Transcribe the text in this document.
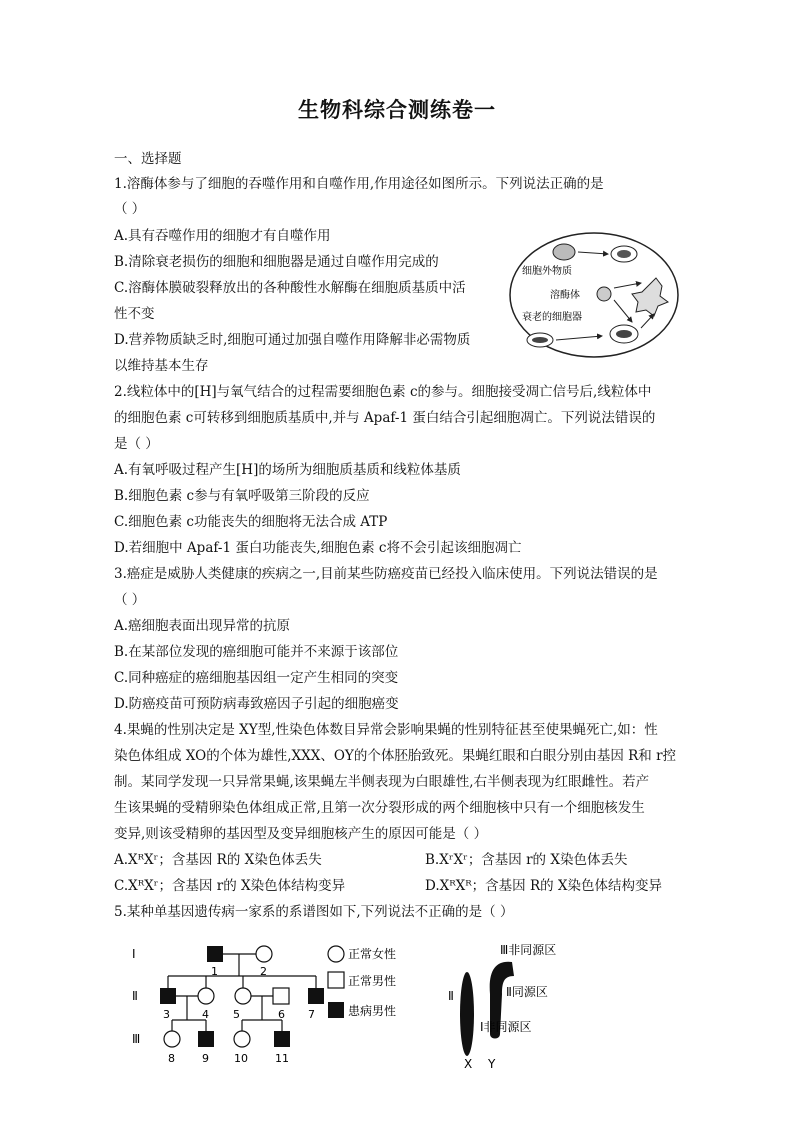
生物科综合测练卷一
一、选择题
1.溶酶体参与了细胞的吞噬作用和自噬作用,作用途径如图所示。下列说法正确的是
（ ）
A.具有吞噬作用的细胞才有自噬作用
B.清除衰老损伤的细胞和细胞器是通过自噬作用完成的
C.溶酶体膜破裂释放出的各种酸性水解酶在细胞质基质中活
性不变
D.营养物质缺乏时,细胞可通过加强自噬作用降解非必需物质
以维持基本生存
细胞外物质
溶酶体
衰老的细胞器
2.线粒体中的[H]与氧气结合的过程需要细胞色素 c的参与。细胞接受凋亡信号后,线粒体中
的细胞色素 c可转移到细胞质基质中,并与 Apaf-1 蛋白结合引起细胞凋亡。下列说法错误的
是（ ）
A.有氧呼吸过程产生[H]的场所为细胞质基质和线粒体基质
B.细胞色素 c参与有氧呼吸第三阶段的反应
C.细胞色素 c功能丧失的细胞将无法合成 ATP
D.若细胞中 Apaf-1 蛋白功能丧失,细胞色素 c将不会引起该细胞凋亡
3.癌症是威胁人类健康的疾病之一,目前某些防癌疫苗已经投入临床使用。下列说法错误的是
（ ）
A.癌细胞表面出现异常的抗原
B.在某部位发现的癌细胞可能并不来源于该部位
C.同种癌症的癌细胞基因组一定产生相同的突变
D.防癌疫苗可预防病毒致癌因子引起的细胞癌变
4.果蝇的性别决定是 XY型,性染色体数目异常会影响果蝇的性别特征甚至使果蝇死亡,如：性
染色体组成 XO的个体为雄性,XXX、OY的个体胚胎致死。果蝇红眼和白眼分别由基因 R和 r控
制。某同学发现一只异常果蝇,该果蝇左半侧表现为白眼雄性,右半侧表现为红眼雌性。若产
生该果蝇的受精卵染色体组成正常,且第一次分裂形成的两个细胞核中只有一个细胞核发生
变异,则该受精卵的基因型及变异细胞核产生的原因可能是（ ）
A.XᴿXʳ；含基因 R的 X染色体丢失	B.XʳXʳ；含基因 r的 X染色体丢失
C.XᴿXʳ；含基因 r的 X染色体结构变异	D.XᴿXᴿ；含基因 R的 X染色体结构变异
5.某种单基因遗传病一家系的系谱图如下,下列说法不正确的是（ ）
Ⅰ
Ⅱ
Ⅲ
1	2
3	4 5	6 7
8 9 10 11
正常女性
正常男性
患病男性
Ⅲ非同源区
Ⅱ同源区
Ⅰ非同源区
Ⅱ
X Y
